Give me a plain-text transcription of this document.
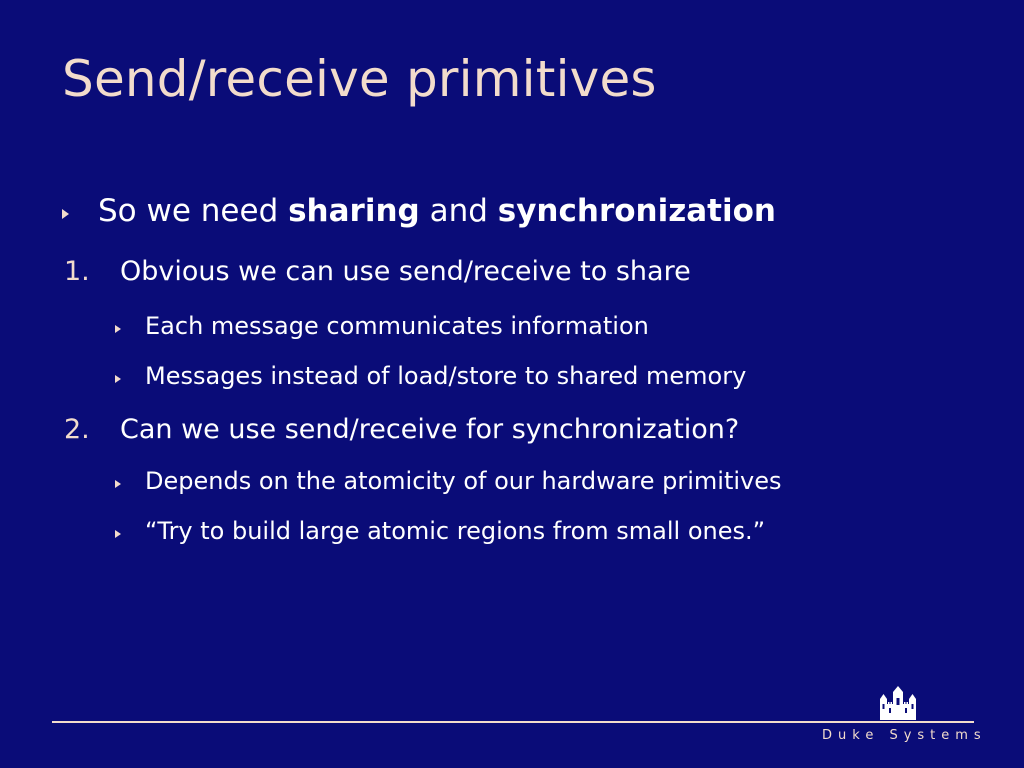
Send/receive primitives
So we need sharing and synchronization
1. Obvious we can use send/receive to share
Each message communicates information
Messages instead of load/store to shared memory
2. Can we use send/receive for synchronization?
Depends on the atomicity of our hardware primitives
“Try to build large atomic regions from small ones.”
Duke Systems
